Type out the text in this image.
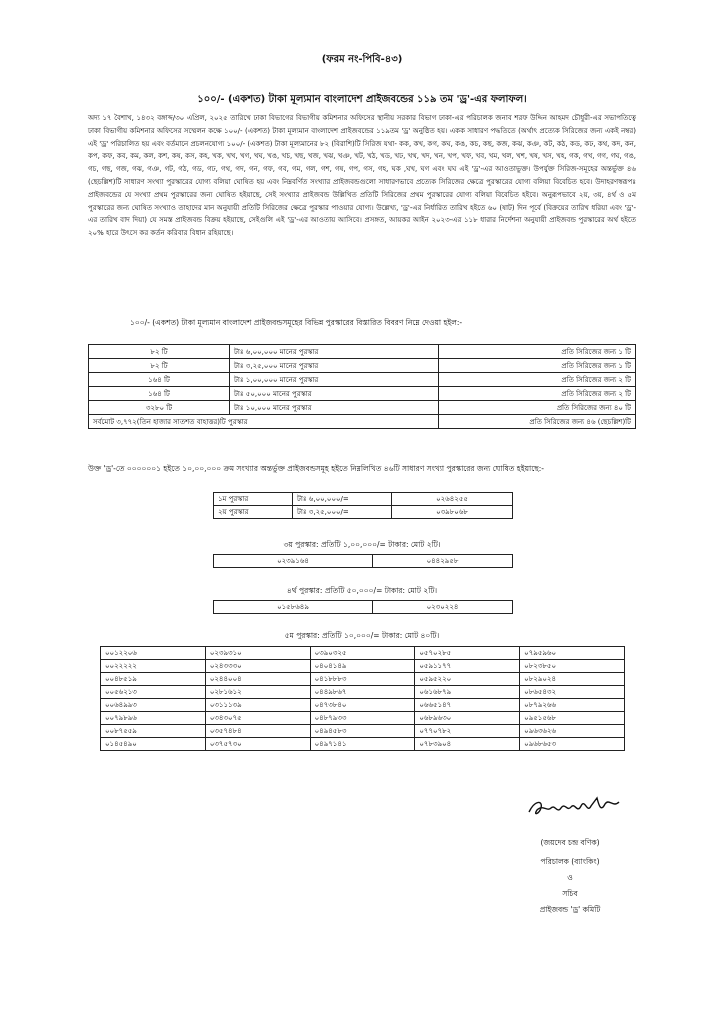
(ফরম নং-পিবি-৪৩)
১০০/- (একশত) টাকা মূল্যমান বাংলাদেশ প্রাইজবন্ডের ১১৯ তম 'ড্র'-এর ফলাফল।
অদ্য ১৭ বৈশাখ, ১৪৩২ বঙ্গাব্দ/৩০ এপ্রিল, ২০২৫ তারিখে ঢাকা বিভাগের বিভাগীয় কমিশনার অফিসের স্থানীয় সরকার বিভাগ ঢাকা-এর পরিচালক জনাব শরফ উদ্দিন আহমদ চৌধুরী-এর সভাপতিত্বে ঢাকা বিভাগীয় কমিশনার অফিসের সম্মেলন কক্ষে ১০০/- (একশত) টাকা মূল্যমান বাংলাদেশ প্রাইজবন্ডের ১১৯তম 'ড্র' অনুষ্ঠিত হয়। একক সাধারণ পদ্ধতিতে (অর্থাৎ প্রত্যেক সিরিজের জন্য একই নম্বর) এই 'ড্র' পরিচালিত হয় এবং বর্তমানে প্রচলনযোগ্য ১০০/- (একশত) টাকা মূল্যমানের ৮২ (বিরাশি)টি সিরিজ যথা- কক, কখ, কগ, কঘ, কঙ, কচ, কছ, কজ, কঝ, কঞ, কট, কঠ, কড, কঢ, কথ, কদ, কন, কপ, কফ, কব, কম, কল, কশ, কষ, কস, কহ, খক, খখ, খগ, খঘ, খঙ, খচ, খছ, খজ, খঝ, খঞ, খট, খঠ, খড, খঢ, খথ, খদ, খন, খপ, খফ, খব, খম, খল, খশ, খষ, খস, খহ, গক, গখ, গগ, গঘ, গঙ, গচ, গছ, গজ, গঝ, গঞ, গট, গঠ, গড, গঢ, গথ, গদ, গন, গফ, গব, গম, গল, গশ, গষ, গপ, গস, গহ, ঘক ,ঘখ, ঘগ এবং ঘঘ এই 'ড্র'-এর আওতাভুক্ত। উপর্যুক্ত সিরিজ-সমূহের অন্তর্ভুক্ত ৪৬ (ছেচল্লিশ)টি সাধারণ সংখ্যা পুরস্কারের যোগ্য বলিয়া ঘোষিত হয় এবং নিম্নবর্ণিত সংখ্যার প্রাইজবন্ডগুলো সাধারণভাবে প্রত্যেক সিরিজের ক্ষেত্রে পুরস্কারের যোগ্য বলিয়া বিবেচিত হবে। উদাহরণস্বরূপঃ প্রাইজবন্ডের যে সংখ্যা প্রথম পুরস্কারের জন্য ঘোষিত হইয়াছে, সেই সংখ্যার প্রাইজবন্ড উল্লিখিত প্রতিটি সিরিজের প্রথম পুরস্কারের যোগ্য বলিয়া বিবেচিত হইবে। অনুরূপভাবে ২য়, ৩য়, ৪র্থ ও ৫ম পুরস্কারের জন্য ঘোষিত সংখ্যাও তাহাদের মান অনুযায়ী প্রতিটি সিরিজের ক্ষেত্রে পুরস্কার পাওয়ার যোগ্য। উল্লেখ্য, 'ড্র'-এর নির্ধারিত তারিখ হইতে ৬০ (ষাট) দিন পূর্বে (বিক্রয়ের তারিখ ধরিয়া এবং 'ড্র'-এর তারিখ বাদ দিয়া) যে সমস্ত প্রাইজবন্ড বিক্রয় হইয়াছে, সেইগুলি এই 'ড্র'-এর আওতায় আসিবে। প্রসঙ্গত, আয়কর আইন ২০২৩-এর ১১৮ ধারার নির্দেশনা অনুযায়ী প্রাইজবন্ড পুরস্কারের অর্থ হইতে ২০% হারে উৎসে কর কর্তন করিবার বিধান রহিয়াছে।
১০০/- (একশত) টাকা মূল্যমান বাংলাদেশ প্রাইজবন্ডসমূহের বিভিন্ন পুরস্কারের বিস্তারিত বিবরণ নিম্নে দেওয়া হইল:-
৮২ টি	টাঃ ৬,০০,০০০ মানের পুরস্কার	প্রতি সিরিজের জন্য ১ টি
৮২ টি	টাঃ ৩,২৫,০০০ মানের পুরস্কার	প্রতি সিরিজের জন্য ১ টি
১৬৪ টি	টাঃ ১,০০,০০০ মানের পুরস্কার	প্রতি সিরিজের জন্য ২ টি
১৬৪ টি	টাঃ ৫০,০০০ মানের পুরস্কার	প্রতি সিরিজের জন্য ২ টি
৩২৮০ টি	টাঃ ১০,০০০ মানের পুরস্কার	প্রতি সিরিজের জন্য ৪০ টি
সর্বমোট ৩,৭৭২(তিন হাজার সাতশত বাহাত্তর)টি পুরস্কার		প্রতি সিরিজের জন্য ৪৬ (ছেচল্লিশ)টি
উক্ত 'ড্র'-তে ০০০০০০১ হইতে ১০,০০,০০০ ক্রম সংখ্যার অন্তর্ভুক্ত প্রাইজবন্ডসমূহ হইতে নিম্নলিখিত ৪৬টি সাধারণ সংখ্যা পুরস্কারের জন্য ঘোষিত হইয়াছে:-
১ম পুরস্কার	টাঃ ৬,০০,০০০/=	০২৬৪২৫৫
২য় পুরস্কার	টাঃ ৩,২৫,০০০/=	০৩৯৮০৬৮
৩য় পুরস্কার: প্রতিটি ১,০০,০০০/= টাকার: মোট ২টি।
০২৩৯১৬৪	০৪৪২৯৫৮
৪র্থ পুরস্কার: প্রতিটি ৫০,০০০/= টাকার: মোট ২টি।
০১৫৮৬৪৯	০২৩০২২৪
৫ম পুরস্কার: প্রতিটি ১০,০০০/= টাকার: মোট ৪০টি।
০০১২২০৬	০২৩৯৩১০	০৩৯০৩২৫	০৫৭০২৮৫	০৭৯৫৯৬০
০০২২২২২	০২৪৩৩৩০	০৪০৪১৪৯	০৫৯১১৭৭	০৮২৩৮৫০
০০৪৮৫১৯	০২৪৪০০৪	০৪১৮৮৮৩	০৫৯৫২২০	০৮২৯০২৪
০০৫৬২১৩	০২৮১৬১২	০৪৪৯৮৬৭	০৬১৬৮৭৯	০৮৬৫৪৩২
০০৬৪৯৯৩	০৩১১১৩৯	০৪৭৩৮৪০	০৬৬৫১৪৭	০৮৭৯২৬৬
০০৭৯৮৯৬	০৩৪৩০৭৫	০৪৮৭৯৩৩	০৬৮৯৬৩০	০৯৫১৫৬৮
০০৮৭৫৫৯	০৩৫৭৪৮৪	০৪৯৪৫৮৩	০৭৭০৭৮২	০৯৬৩৬২৬
০১৪৫৪৯০	০৩৭৫৭৩০	০৪৯৭১৪১	০৭৮৩৯০৪	০৯৬৮৬৫৩
(জয়দেব চন্দ্র বণিক)
পরিচালক (ব্যাংকিং)
ও
সচিব
প্রাইজবন্ড 'ড্র' কমিটি
